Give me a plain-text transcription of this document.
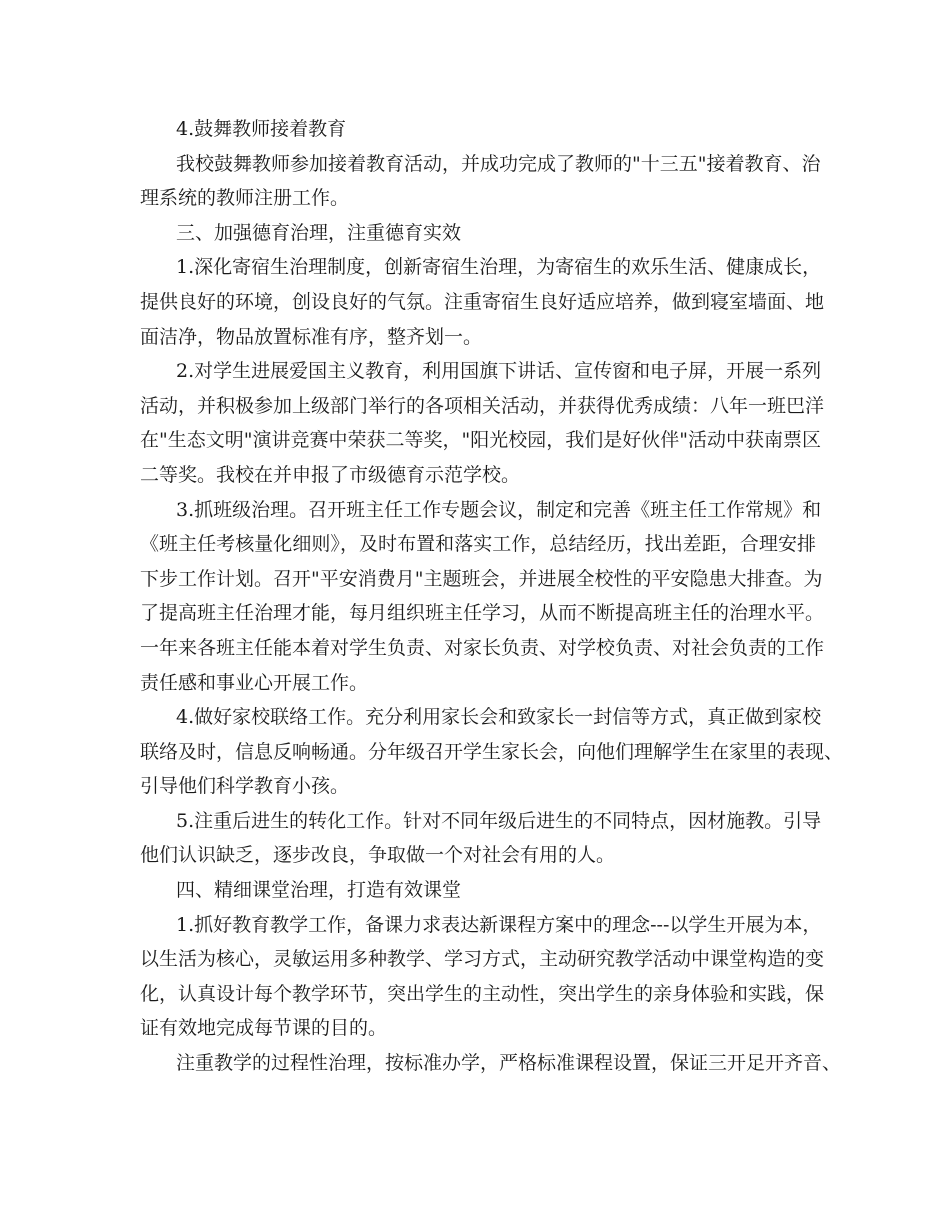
4.鼓舞教师接着教育
我校鼓舞教师参加接着教育活动，并成功完成了教师的"十三五"接着教育、治
理系统的教师注册工作。
三、加强德育治理，注重德育实效
1.深化寄宿生治理制度，创新寄宿生治理，为寄宿生的欢乐生活、健康成长，
提供良好的环境，创设良好的气氛。注重寄宿生良好适应培养，做到寝室墙面、地
面洁净，物品放置标准有序，整齐划一。
2.对学生进展爱国主义教育，利用国旗下讲话、宣传窗和电子屏，开展一系列
活动，并积极参加上级部门举行的各项相关活动，并获得优秀成绩：八年一班巴洋
在"生态文明"演讲竞赛中荣获二等奖，"阳光校园，我们是好伙伴"活动中获南票区
二等奖。我校在并申报了市级德育示范学校。
3.抓班级治理。召开班主任工作专题会议，制定和完善《班主任工作常规》和
《班主任考核量化细则》，及时布置和落实工作，总结经历，找出差距，合理安排
下步工作计划。召开"平安消费月"主题班会，并进展全校性的平安隐患大排查。为
了提高班主任治理才能，每月组织班主任学习，从而不断提高班主任的治理水平。
一年来各班主任能本着对学生负责、对家长负责、对学校负责、对社会负责的工作
责任感和事业心开展工作。
4.做好家校联络工作。充分利用家长会和致家长一封信等方式，真正做到家校
联络及时，信息反响畅通。分年级召开学生家长会，向他们理解学生在家里的表现、
引导他们科学教育小孩。
5.注重后进生的转化工作。针对不同年级后进生的不同特点，因材施教。引导
他们认识缺乏，逐步改良，争取做一个对社会有用的人。
四、精细课堂治理，打造有效课堂
1.抓好教育教学工作，备课力求表达新课程方案中的理念---以学生开展为本，
以生活为核心，灵敏运用多种教学、学习方式，主动研究教学活动中课堂构造的变
化，认真设计每个教学环节，突出学生的主动性，突出学生的亲身体验和实践，保
证有效地完成每节课的目的。
注重教学的过程性治理，按标准办学，严格标准课程设置，保证三开足开齐音、
